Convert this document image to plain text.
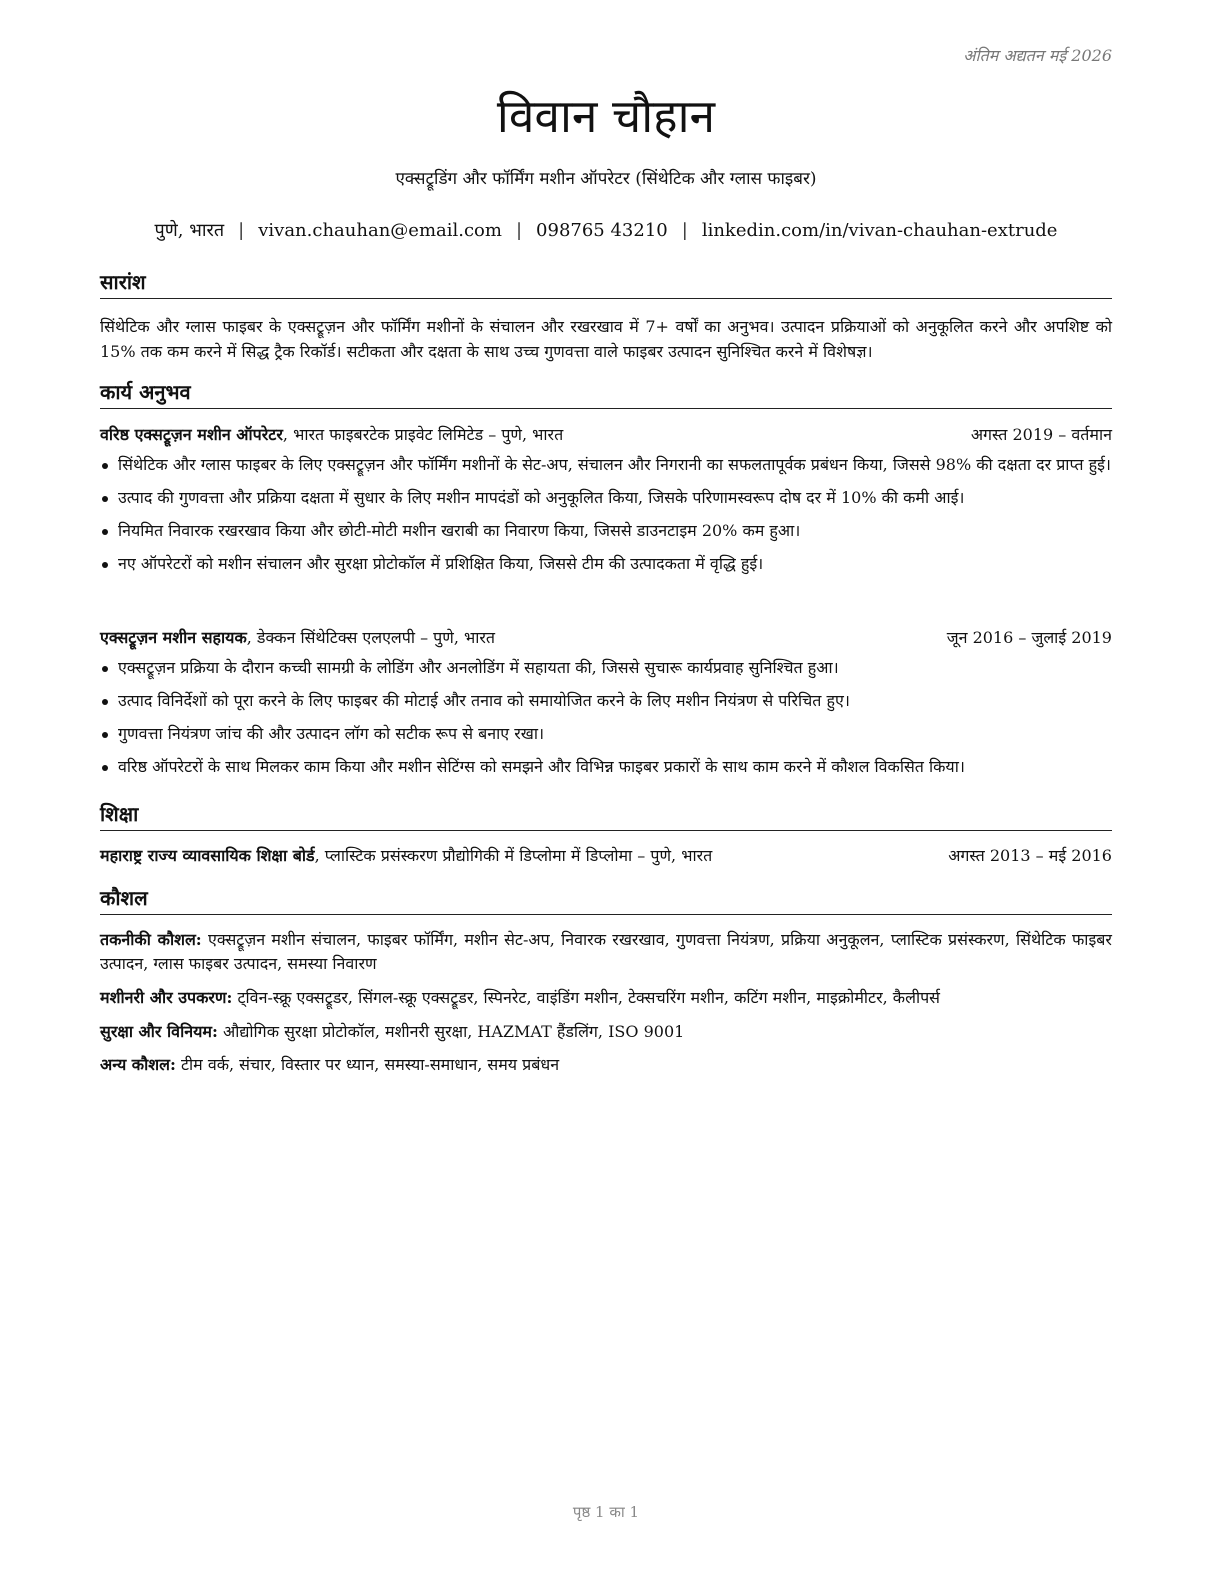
अंतिम अद्यतन मई 2026
विवान चौहान
एक्सट्रूडिंग और फॉर्मिंग मशीन ऑपरेटर (सिंथेटिक और ग्लास फाइबर)
पुणे, भारत | vivan.chauhan@email.com | 098765 43210 | linkedin.com/in/vivan-chauhan-extrude
सारांश
सिंथेटिक और ग्लास फाइबर के एक्सट्रूज़न और फॉर्मिंग मशीनों के संचालन और रखरखाव में 7+ वर्षों का अनुभव। उत्पादन प्रक्रियाओं को अनुकूलित करने और अपशिष्ट को 15% तक कम करने में सिद्ध ट्रैक रिकॉर्ड। सटीकता और दक्षता के साथ उच्च गुणवत्ता वाले फाइबर उत्पादन सुनिश्चित करने में विशेषज्ञ।
कार्य अनुभव
वरिष्ठ एक्सट्रूज़न मशीन ऑपरेटर, भारत फाइबरटेक प्राइवेट लिमिटेड – पुणे, भारत	अगस्त 2019 – वर्तमान
सिंथेटिक और ग्लास फाइबर के लिए एक्सट्रूज़न और फॉर्मिंग मशीनों के सेट-अप, संचालन और निगरानी का सफलतापूर्वक प्रबंधन किया, जिससे 98% की दक्षता दर प्राप्त हुई।
उत्पाद की गुणवत्ता और प्रक्रिया दक्षता में सुधार के लिए मशीन मापदंडों को अनुकूलित किया, जिसके परिणामस्वरूप दोष दर में 10% की कमी आई।
नियमित निवारक रखरखाव किया और छोटी-मोटी मशीन खराबी का निवारण किया, जिससे डाउनटाइम 20% कम हुआ।
नए ऑपरेटरों को मशीन संचालन और सुरक्षा प्रोटोकॉल में प्रशिक्षित किया, जिससे टीम की उत्पादकता में वृद्धि हुई।
एक्सट्रूज़न मशीन सहायक, डेक्कन सिंथेटिक्स एलएलपी – पुणे, भारत	जून 2016 – जुलाई 2019
एक्सट्रूज़न प्रक्रिया के दौरान कच्ची सामग्री के लोडिंग और अनलोडिंग में सहायता की, जिससे सुचारू कार्यप्रवाह सुनिश्चित हुआ।
उत्पाद विनिर्देशों को पूरा करने के लिए फाइबर की मोटाई और तनाव को समायोजित करने के लिए मशीन नियंत्रण से परिचित हुए।
गुणवत्ता नियंत्रण जांच की और उत्पादन लॉग को सटीक रूप से बनाए रखा।
वरिष्ठ ऑपरेटरों के साथ मिलकर काम किया और मशीन सेटिंग्स को समझने और विभिन्न फाइबर प्रकारों के साथ काम करने में कौशल विकसित किया।
शिक्षा
महाराष्ट्र राज्य व्यावसायिक शिक्षा बोर्ड, प्लास्टिक प्रसंस्करण प्रौद्योगिकी में डिप्लोमा में डिप्लोमा – पुणे, भारत	अगस्त 2013 – मई 2016
कौशल
तकनीकी कौशल: एक्सट्रूज़न मशीन संचालन, फाइबर फॉर्मिंग, मशीन सेट-अप, निवारक रखरखाव, गुणवत्ता नियंत्रण, प्रक्रिया अनुकूलन, प्लास्टिक प्रसंस्करण, सिंथेटिक फाइबर उत्पादन, ग्लास फाइबर उत्पादन, समस्या निवारण
मशीनरी और उपकरण: ट्विन-स्क्रू एक्सट्रूडर, सिंगल-स्क्रू एक्सट्रूडर, स्पिनरेट, वाइंडिंग मशीन, टेक्सचरिंग मशीन, कटिंग मशीन, माइक्रोमीटर, कैलीपर्स
सुरक्षा और विनियम: औद्योगिक सुरक्षा प्रोटोकॉल, मशीनरी सुरक्षा, HAZMAT हैंडलिंग, ISO 9001
अन्य कौशल: टीम वर्क, संचार, विस्तार पर ध्यान, समस्या-समाधान, समय प्रबंधन
पृष्ठ 1 का 1
